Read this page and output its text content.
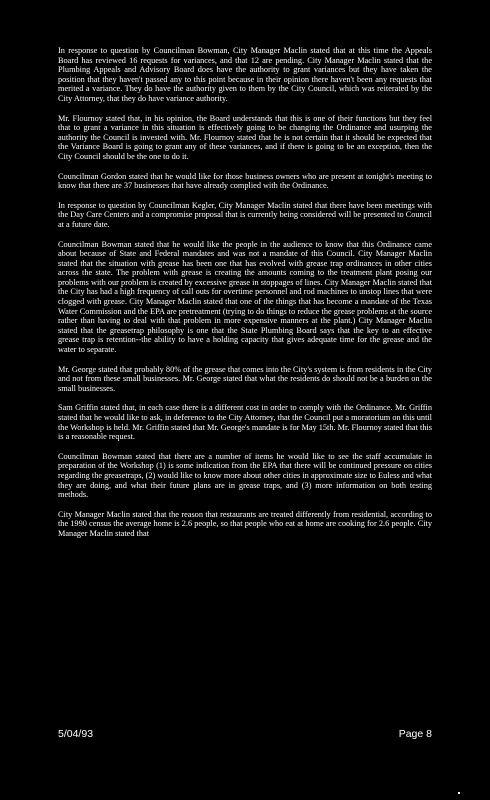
In response to question by Councilman Bowman, City Manager Maclin stated that at this time the Appeals Board has reviewed 16 requests for variances, and that 12 are pending. City Manager Maclin stated that the Plumbing Appeals and Advisory Board does have the authority to grant variances but they have taken the position that they haven't passed any to this point because in their opinion there haven't been any requests that merited a variance. They do have the authority given to them by the City Council, which was reiterated by the City Attorney, that they do have variance authority.

Mr. Flournoy stated that, in his opinion, the Board understands that this is one of their functions but they feel that to grant a variance in this situation is effectively going to be changing the Ordinance and usurping the authority the Council is invested with. Mr. Flournoy stated that he is not certain that it should be expected that the Variance Board is going to grant any of these variances, and if there is going to be an exception, then the City Council should be the one to do it.

Councilman Gordon stated that he would like for those business owners who are present at tonight's meeting to know that there are 37 businesses that have already complied with the Ordinance.

In response to question by Councilman Kegler, City Manager Maclin stated that there have been meetings with the Day Care Centers and a compromise proposal that is currently being considered will be presented to Council at a future date.

Councilman Bowman stated that he would like the people in the audience to know that this Ordinance came about because of State and Federal mandates and was not a mandate of this Council. City Manager Maclin stated that the situation with grease has been one that has evolved with grease trap ordinances in other cities across the state. The problem with grease is creating the amounts coming to the treatment plant posing our problems with our problem is created by excessive grease in stoppages of lines. City Manager Maclin stated that the City has had a high frequency of call outs for overtime personnel and rod machines to unstop lines that were clogged with grease. City Manager Maclin stated that one of the things that has become a mandate of the Texas Water Commission and the EPA are pretreatment (trying to do things to reduce the grease problems at the source rather than having to deal with that problem in more expensive manners at the plant.) City Manager Maclin stated that the greasetrap philosophy is one that the State Plumbing Board says that the key to an effective grease trap is retention--the ability to have a holding capacity that gives adequate time for the grease and the water to separate.

Mr. George stated that probably 80% of the grease that comes into the City's system is from residents in the City and not from these small businesses. Mr. George stated that what the residents do should not be a burden on the small businesses.

Sam Griffin stated that, in each case there is a different cost in order to comply with the Ordinance. Mr. Griffin stated that he would like to ask, in deference to the City Attorney, that the Council put a moratorium on this until the Workshop is held. Mr. Griffin stated that Mr. George's mandate is for May 15th. Mr. Flournoy stated that this is a reasonable request.

Councilman Bowman stated that there are a number of items he would like to see the staff accumulate in preparation of the Workshop (1) is some indication from the EPA that there will be continued pressure on cities regarding the greasetraps, (2) would like to know more about other cities in approximate size to Euless and what they are doing, and what their future plans are in grease traps, and (3) more information on both testing methods.

City Manager Maclin stated that the reason that restaurants are treated differently from residential, according to the 1990 census the average home is 2.6 people, so that people who eat at home are cooking for 2.6 people. City Manager Maclin stated that

5/04/93	Page 8
